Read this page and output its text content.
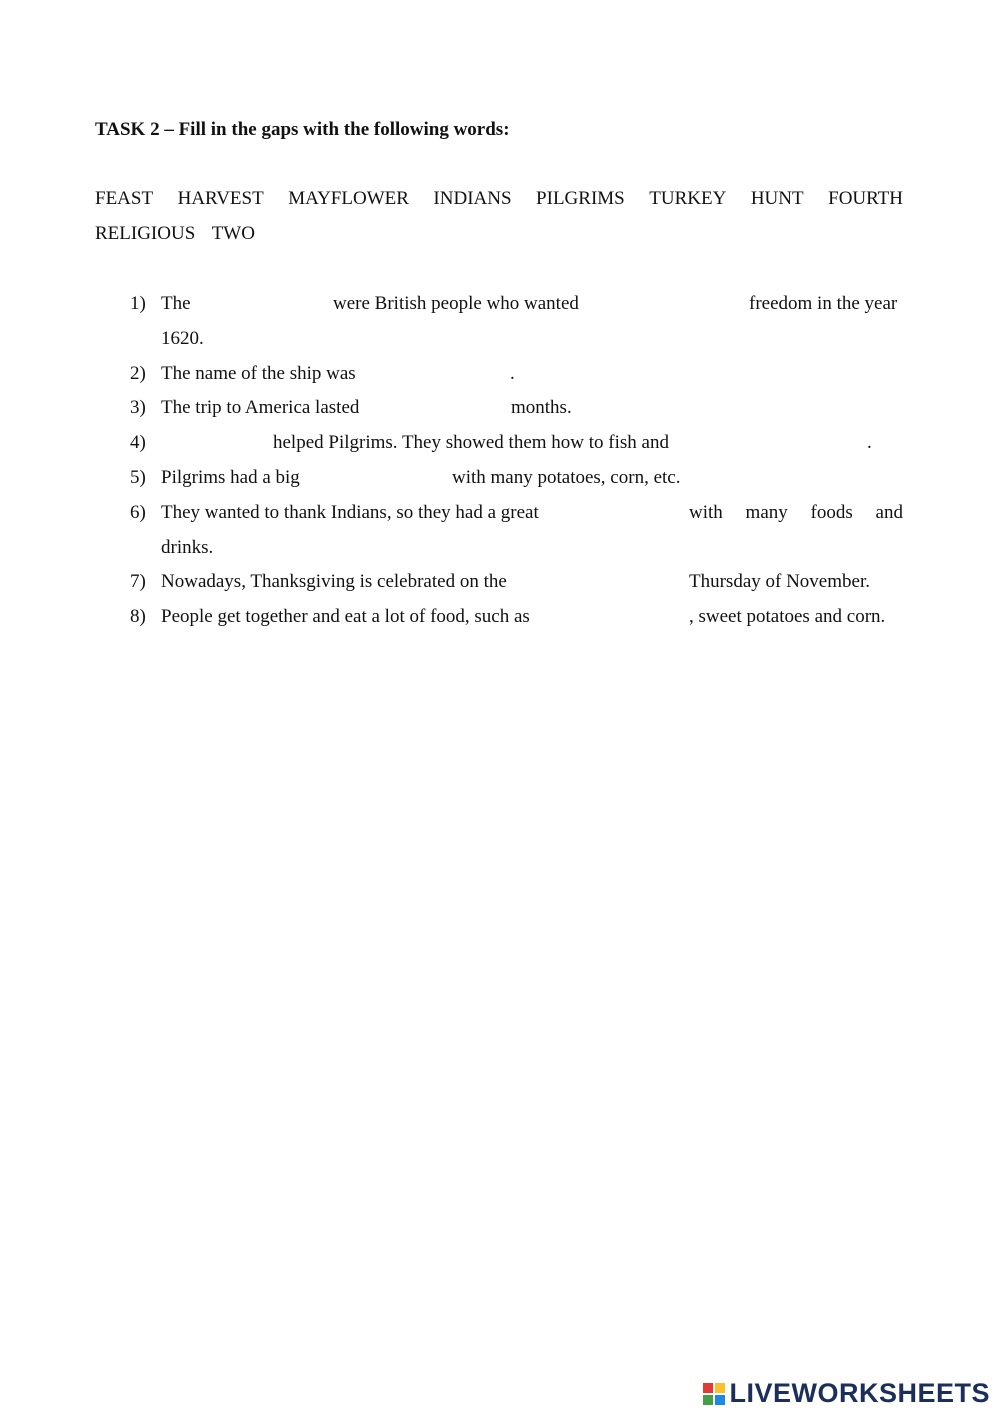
TASK 2 – Fill in the gaps with the following words:
FEAST HARVEST MAYFLOWER INDIANS PILGRIMS TURKEY HUNT FOURTH
RELIGIOUS TWO
1) The	were British people who wanted	freedom in the year
1620.
2) The name of the ship was	.
3) The trip to America lasted	months.
4)	helped Pilgrims. They showed them how to fish and	.
5) Pilgrims had a big	with many potatoes, corn, etc.
6) They wanted to thank Indians, so they had a great	with many foods and
drinks.
7) Nowadays, Thanksgiving is celebrated on the	Thursday of November.
8) People get together and eat a lot of food, such as	, sweet potatoes and corn.
LIVEWORKSHEETS
